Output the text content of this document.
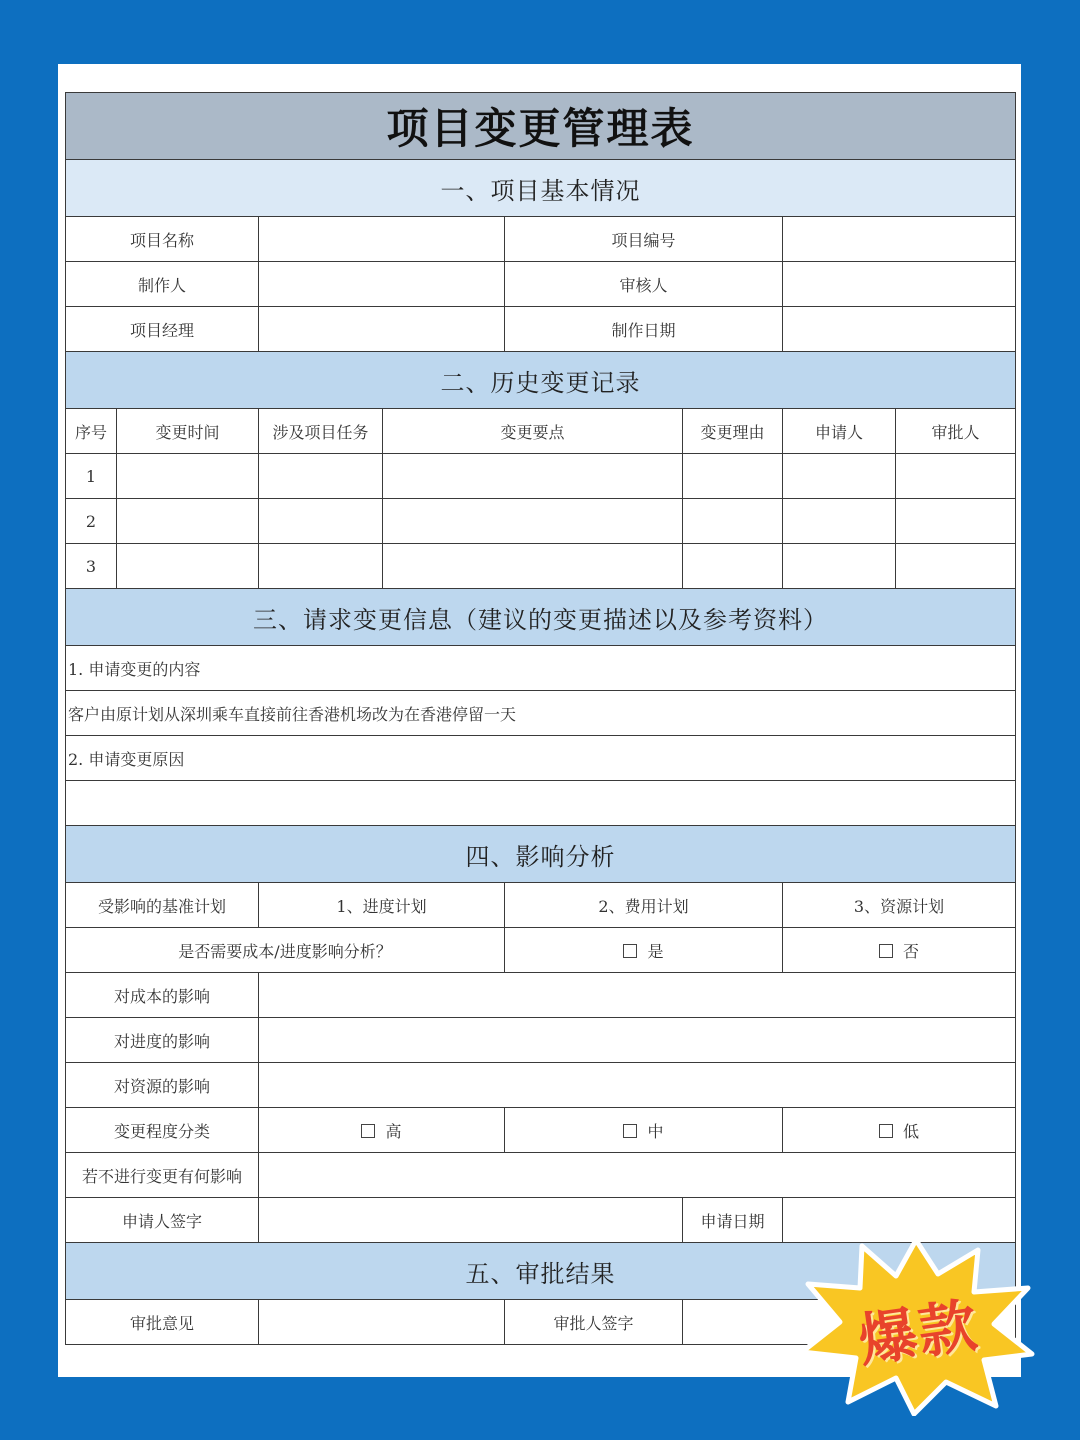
项目变更管理表							
一、项目基本情况							
项目名称				项目编号			
制作人				审核人			
项目经理				制作日期			
二、历史变更记录							
序号	变更时间	涉及项目任务	变更要点		变更理由	申请人	审批人
1							
2							
3							
三、请求变更信息（建议的变更描述以及参考资料）							
1. 申请变更的内容							
客户由原计划从深圳乘车直接前往香港机场改为在香港停留一天							
2. 申请变更原因							

四、影响分析							
受影响的基准计划		1、进度计划		2、费用计划		3、资源计划	
是否需要成本/进度影响分析？				是		否	
对成本的影响							
对进度的影响							
对资源的影响							
变更程度分类		高		中		低	
若不进行变更有何影响							
申请人签字					申请日期		
五、审批结果							
审批意见				审批人签字				爆款
